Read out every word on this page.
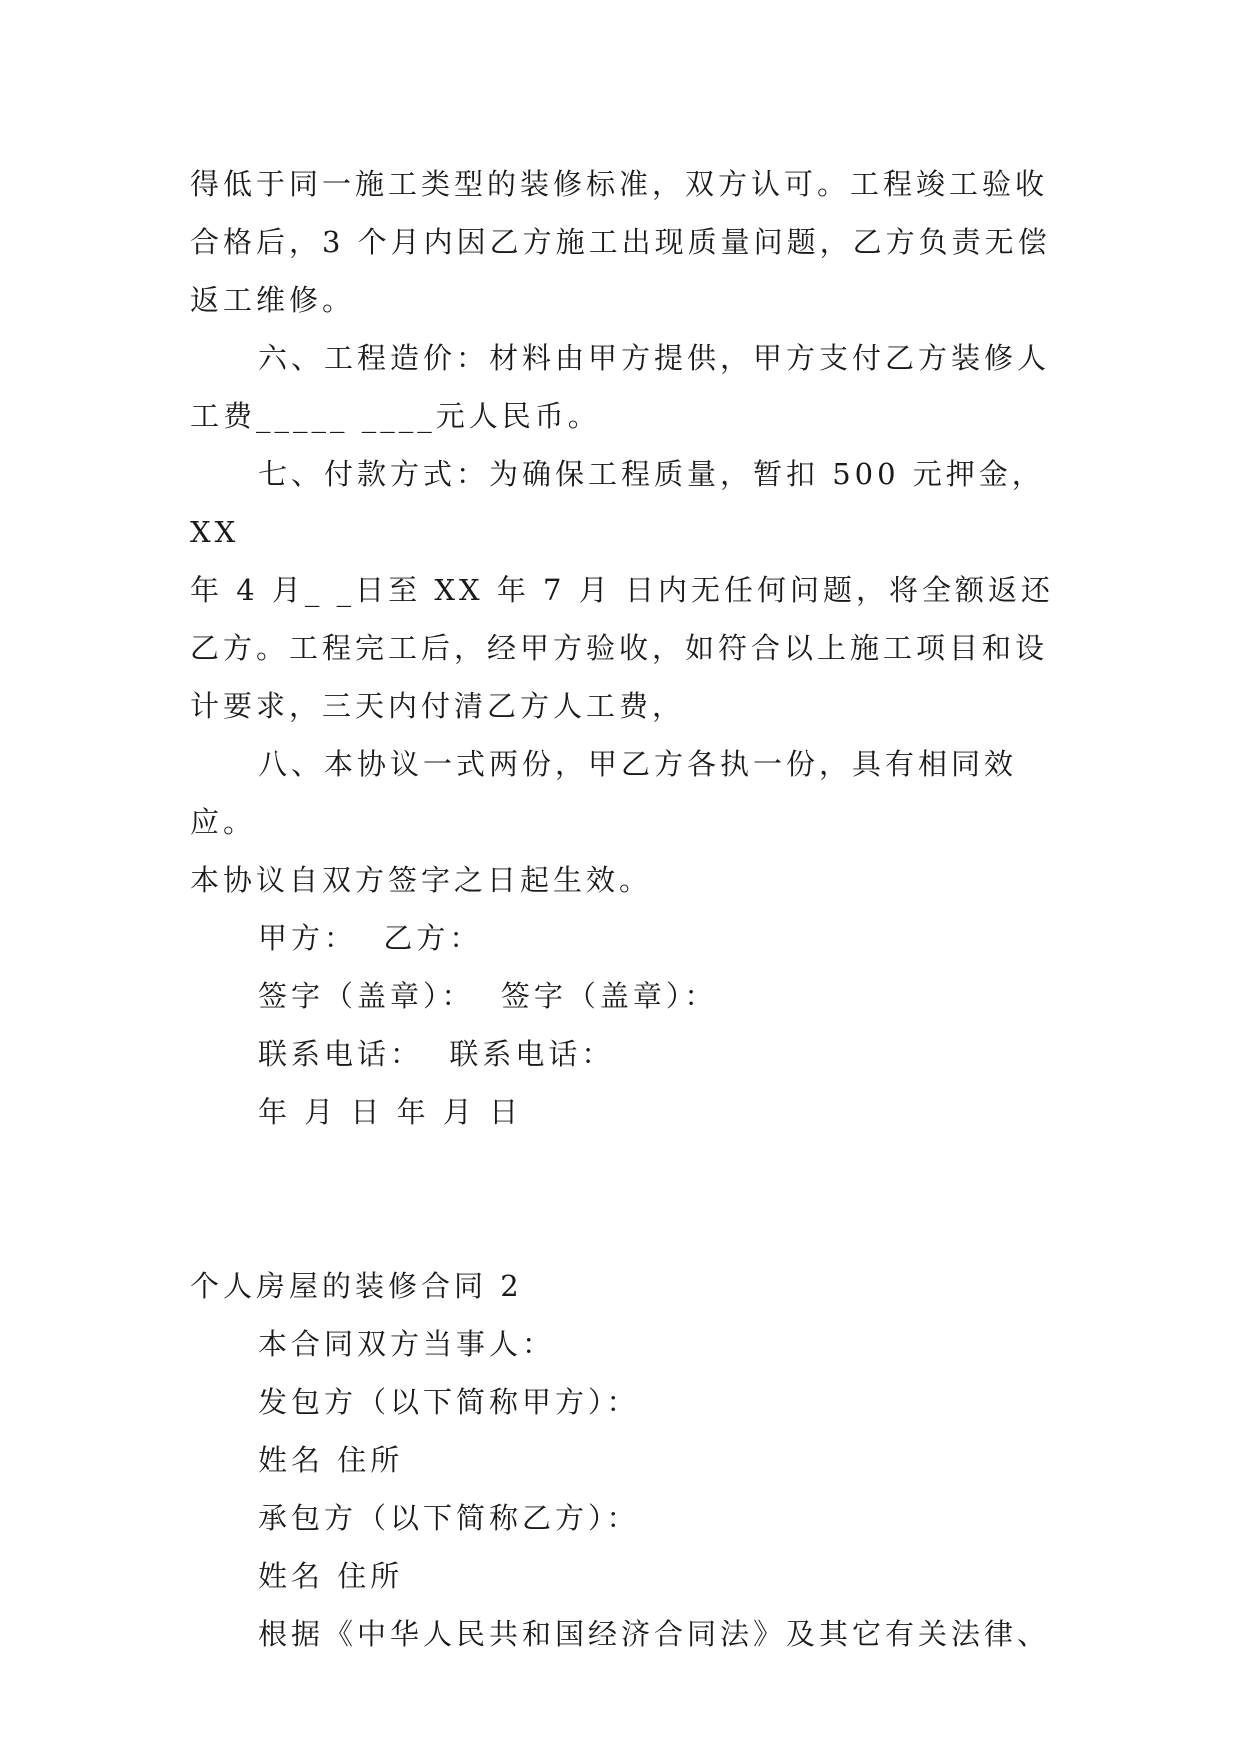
得低于同一施工类型的装修标准，双方认可。工程竣工验收

合格后，3 个月内因乙方施工出现质量问题，乙方负责无偿

返工维修。

六、工程造价：材料由甲方提供，甲方支付乙方装修人

工费_____ ____元人民币。

七、付款方式：为确保工程质量，暂扣 500 元押金，XX

年 4 月_ _日至 XX 年 7 月 日内无任何问题，将全额返还

乙方。工程完工后，经甲方验收，如符合以上施工项目和设

计要求，三天内付清乙方人工费，

八、本协议一式两份，甲乙方各执一份，具有相同效应。

本协议自双方签字之日起生效。

甲方：  乙方：

签字（盖章）：  签字（盖章）：

联系电话：  联系电话：

年 月 日 年 月 日

个人房屋的装修合同 2

本合同双方当事人：

发包方（以下简称甲方）：

姓名 住所

承包方（以下简称乙方）：

姓名 住所

根据《中华人民共和国经济合同法》及其它有关法律、
